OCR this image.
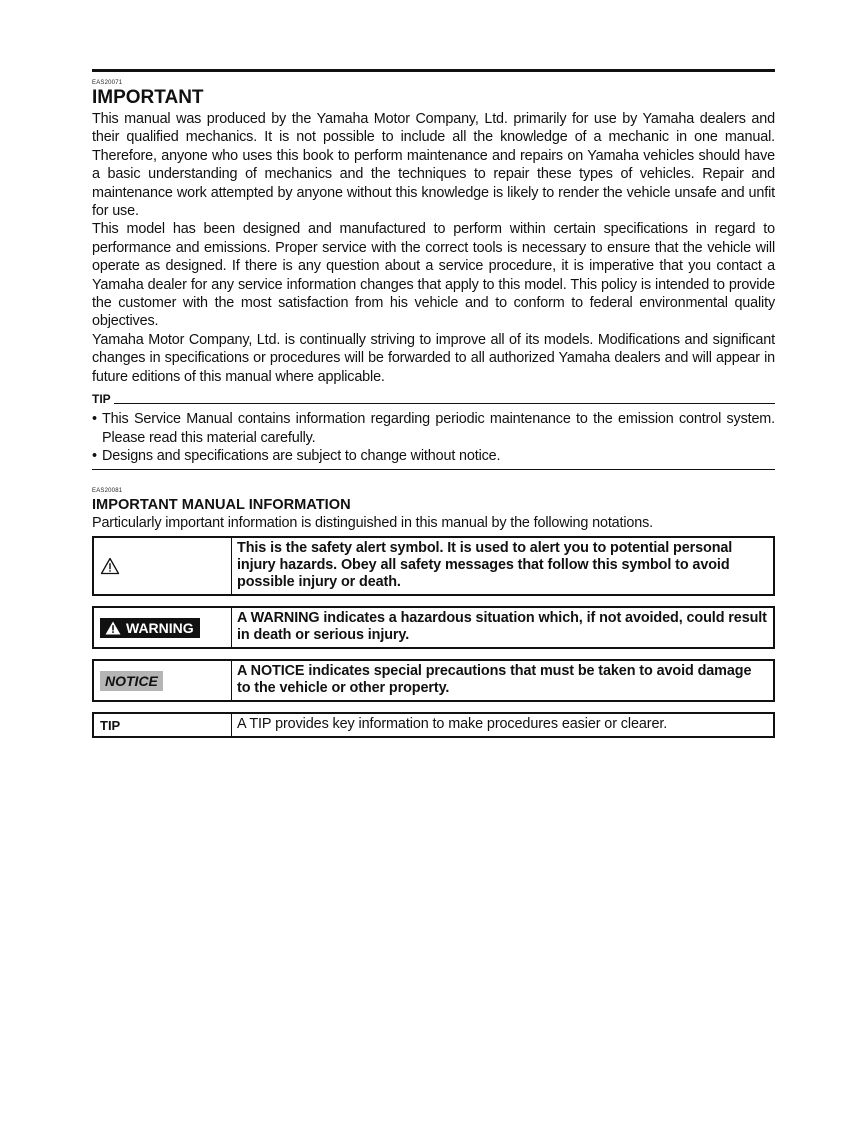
EAS20071
IMPORTANT

This manual was produced by the Yamaha Motor Company, Ltd. primarily for use by Yamaha dealers and their qualified mechanics. It is not possible to include all the knowledge of a mechanic in one manual. Therefore, anyone who uses this book to perform maintenance and repairs on Yamaha vehicles should have a basic understanding of mechanics and the techniques to repair these types of vehicles. Repair and maintenance work attempted by anyone without this knowledge is likely to render the vehicle unsafe and unfit for use.

This model has been designed and manufactured to perform within certain specifications in regard to performance and emissions. Proper service with the correct tools is necessary to ensure that the vehicle will operate as designed. If there is any question about a service procedure, it is imperative that you contact a Yamaha dealer for any service information changes that apply to this model. This policy is intended to provide the customer with the most satisfaction from his vehicle and to conform to federal environmental quality objectives.

Yamaha Motor Company, Ltd. is continually striving to improve all of its models. Modifications and significant changes in specifications or procedures will be forwarded to all authorized Yamaha dealers and will appear in future editions of this manual where applicable.

TIP
• This Service Manual contains information regarding periodic maintenance to the emission control system. Please read this material carefully.
• Designs and specifications are subject to change without notice.
EAS20081
IMPORTANT MANUAL INFORMATION
Particularly important information is distinguished in this manual by the following notations.
This is the safety alert symbol. It is used to alert you to potential personal injury hazards. Obey all safety messages that follow this symbol to avoid possible injury or death.
WARNING
A WARNING indicates a hazardous situation which, if not avoided, could result in death or serious injury.
NOTICE
A NOTICE indicates special precautions that must be taken to avoid damage to the vehicle or other property.
TIP	A TIP provides key information to make procedures easier or clearer.
